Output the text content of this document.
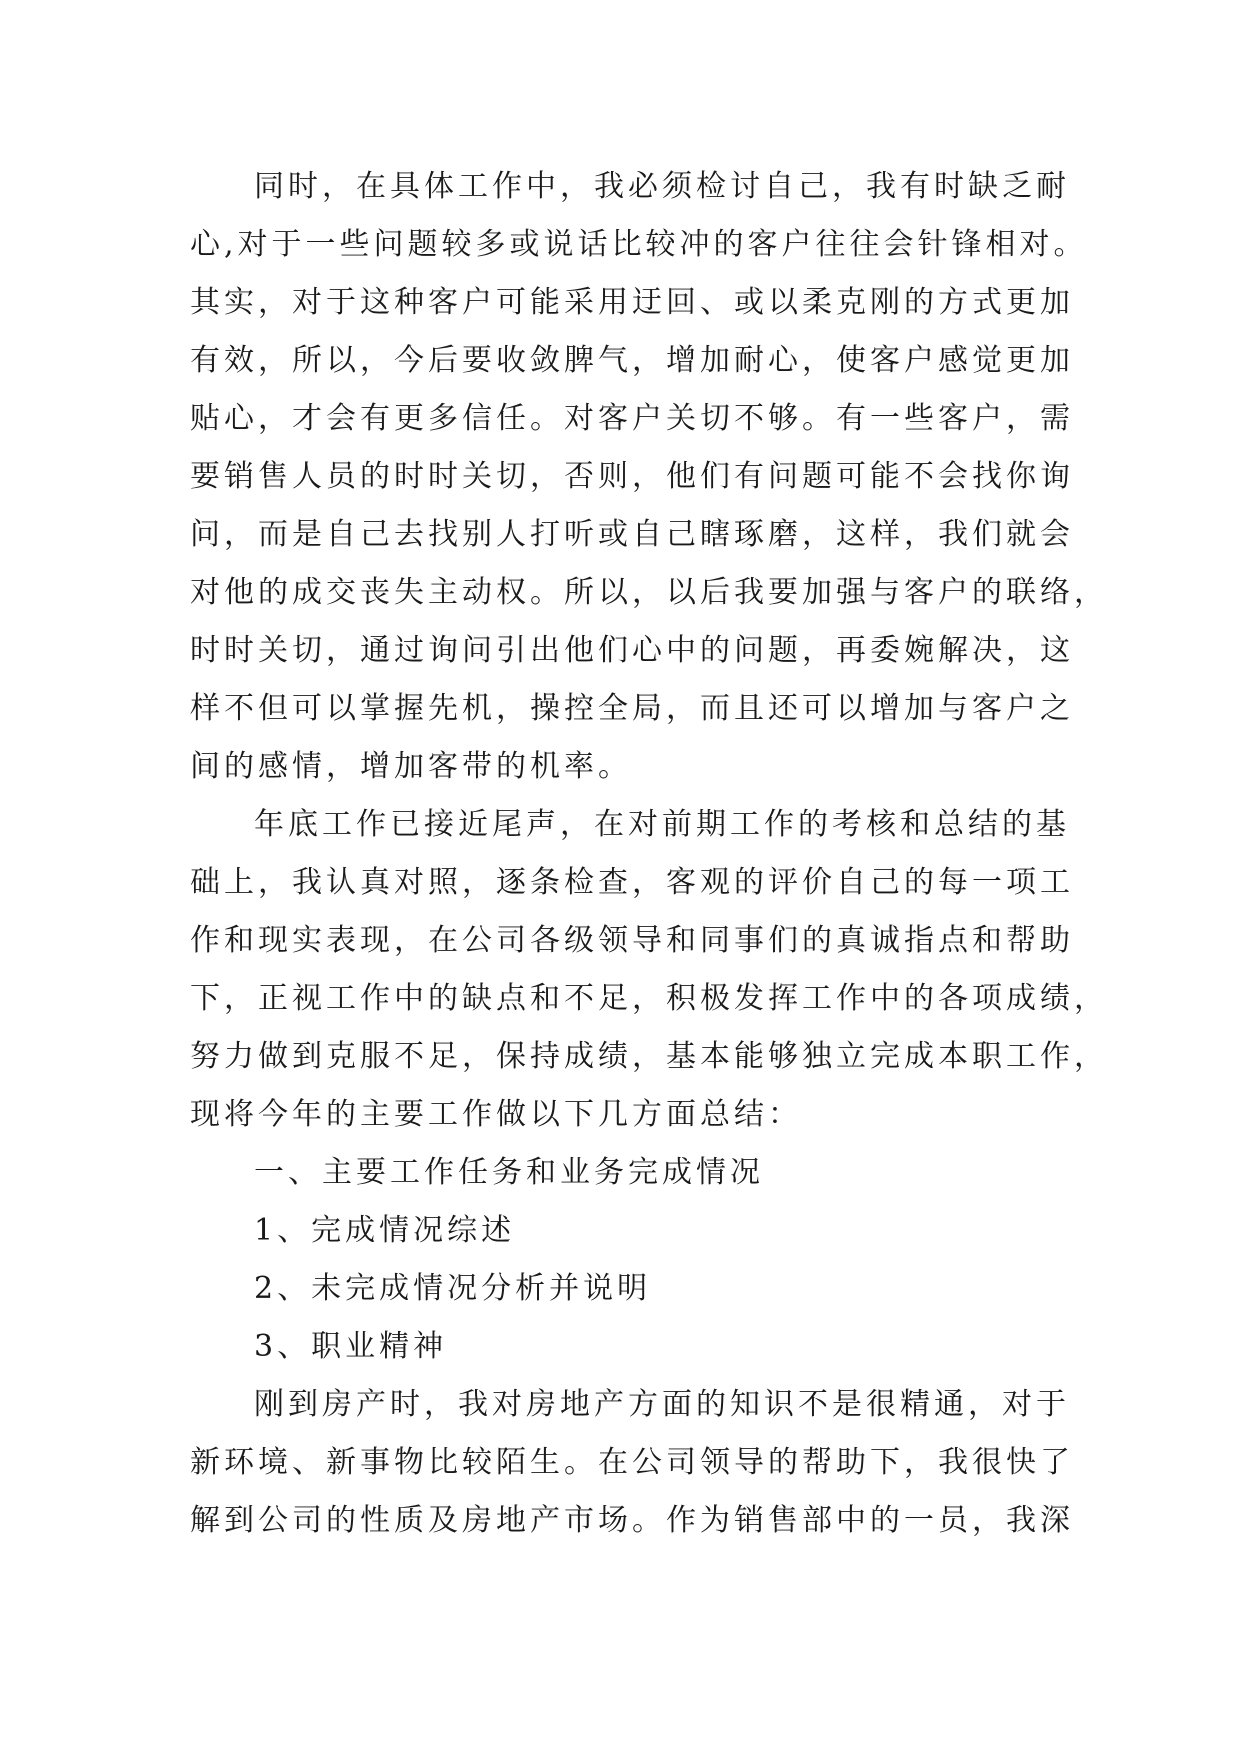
同时，在具体工作中，我必须检讨自己，我有时缺乏耐
心,对于一些问题较多或说话比较冲的客户往往会针锋相对。
其实，对于这种客户可能采用迂回、或以柔克刚的方式更加
有效，所以，今后要收敛脾气，增加耐心，使客户感觉更加
贴心，才会有更多信任。对客户关切不够。有一些客户，需
要销售人员的时时关切，否则，他们有问题可能不会找你询
问，而是自己去找别人打听或自己瞎琢磨，这样，我们就会
对他的成交丧失主动权。所以，以后我要加强与客户的联络，
时时关切，通过询问引出他们心中的问题，再委婉解决，这
样不但可以掌握先机，操控全局，而且还可以增加与客户之
间的感情，增加客带的机率。
年底工作已接近尾声，在对前期工作的考核和总结的基
础上，我认真对照，逐条检查，客观的评价自己的每一项工
作和现实表现，在公司各级领导和同事们的真诚指点和帮助
下，正视工作中的缺点和不足，积极发挥工作中的各项成绩，
努力做到克服不足，保持成绩，基本能够独立完成本职工作，
现将今年的主要工作做以下几方面总结：
一、主要工作任务和业务完成情况
1、完成情况综述
2、未完成情况分析并说明
3、职业精神
刚到房产时，我对房地产方面的知识不是很精通，对于
新环境、新事物比较陌生。在公司领导的帮助下，我很快了
解到公司的性质及房地产市场。作为销售部中的一员，我深
